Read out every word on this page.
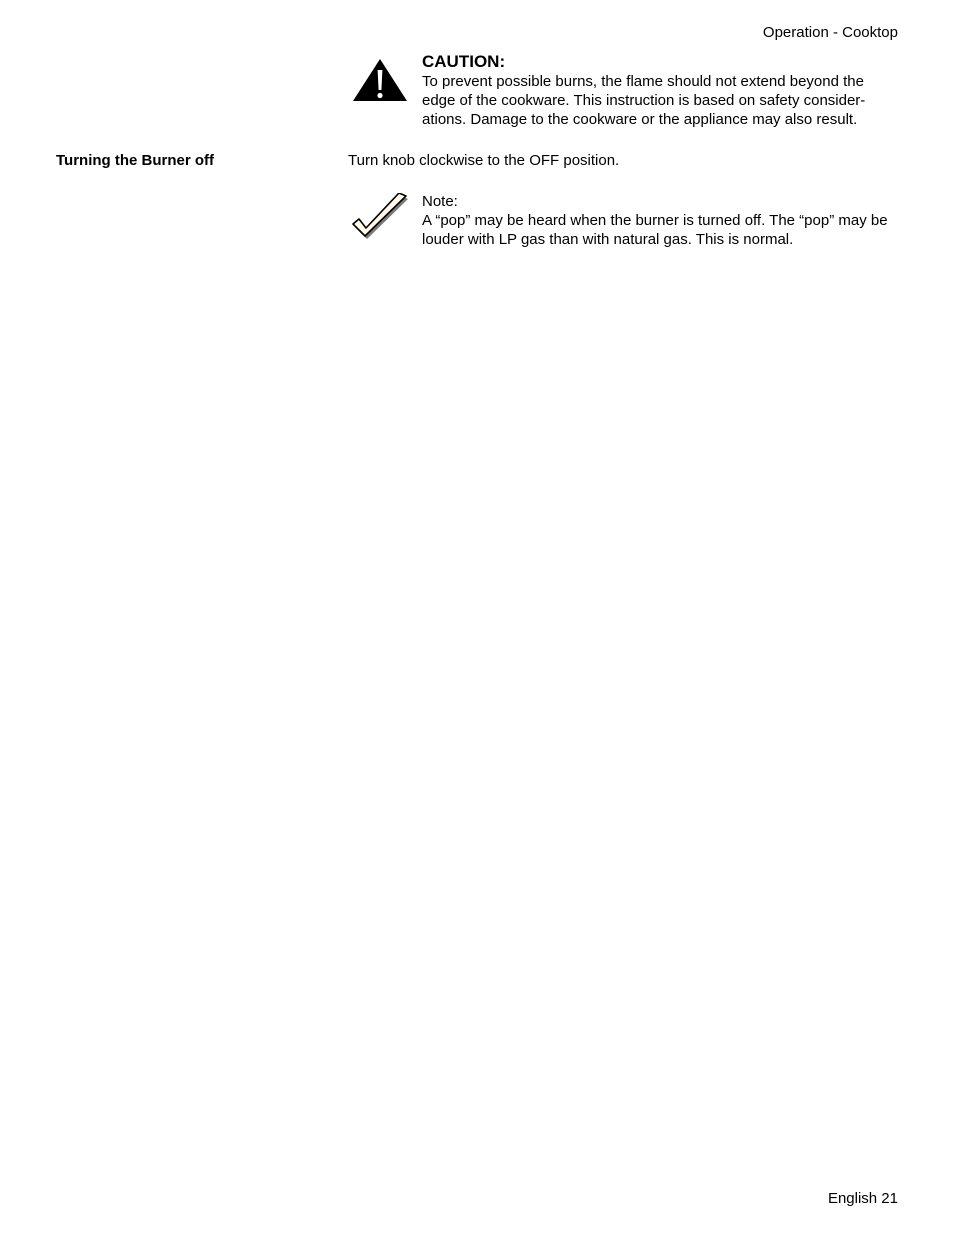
Operation - Cooktop

CAUTION:

To prevent possible burns, the flame should not extend beyond the edge of the cookware. This instruction is based on safety consider-ations. Damage to the cookware or the appliance may also result.

Turning the Burner off	Turn knob clockwise to the OFF position.

Note:

A “pop” may be heard when the burner is turned off. The “pop” may be louder with LP gas than with natural gas. This is normal.

English 21
